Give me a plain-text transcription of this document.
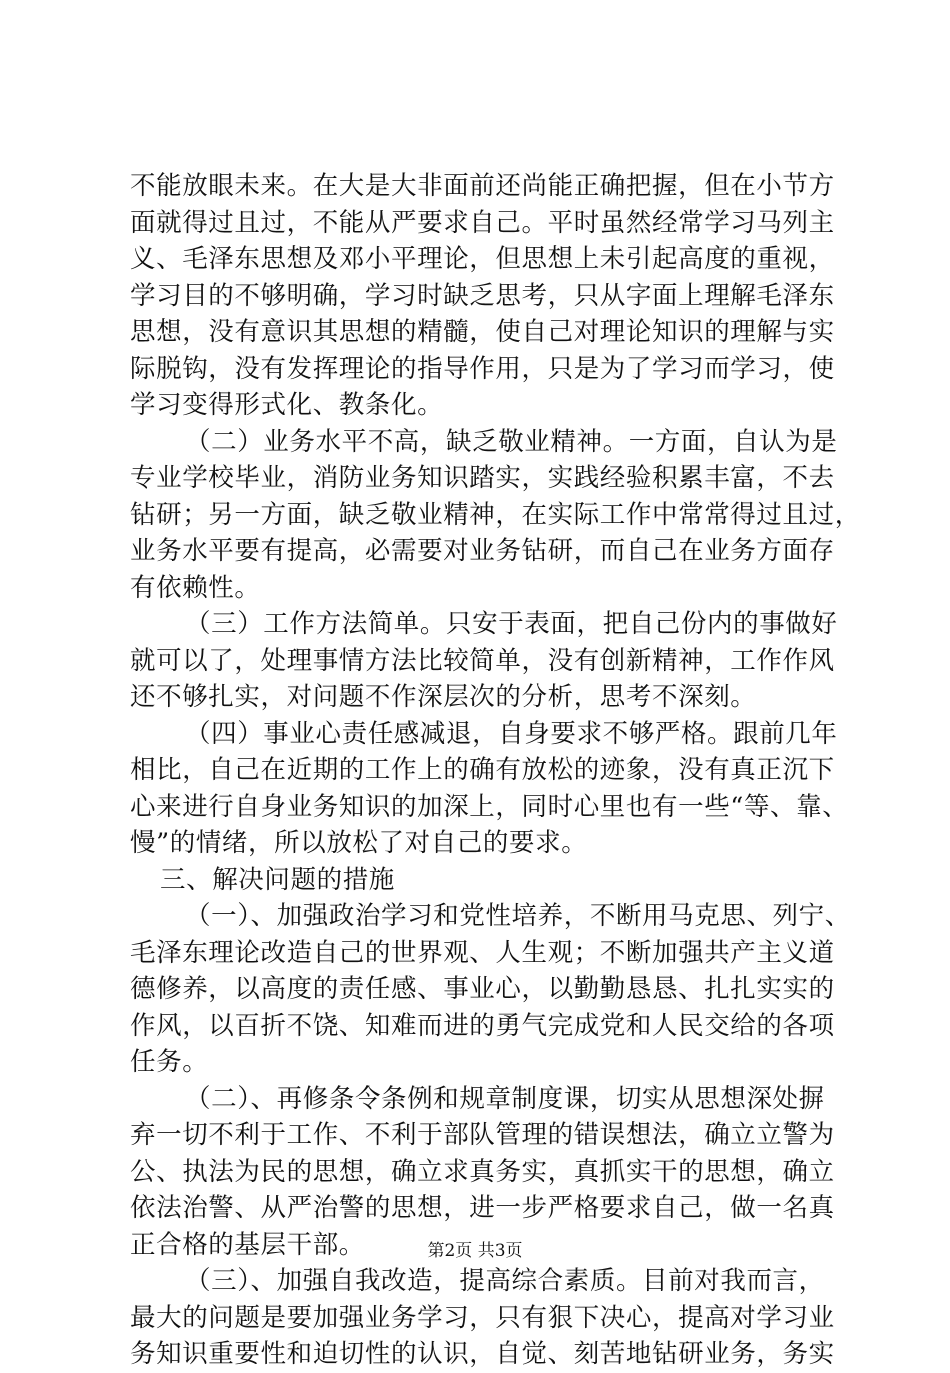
不能放眼未来。在大是大非面前还尚能正确把握，但在小节方
面就得过且过，不能从严要求自己。平时虽然经常学习马列主
义、毛泽东思想及邓小平理论，但思想上未引起高度的重视，
学习目的不够明确，学习时缺乏思考，只从字面上理解毛泽东
思想，没有意识其思想的精髓，使自己对理论知识的理解与实
际脱钩，没有发挥理论的指导作用，只是为了学习而学习，使
学习变得形式化、教条化。
（二）业务水平不高，缺乏敬业精神。一方面，自认为是
专业学校毕业，消防业务知识踏实，实践经验积累丰富，不去
钻研；另一方面，缺乏敬业精神，在实际工作中常常得过且过，
业务水平要有提高，必需要对业务钻研，而自己在业务方面存
有依赖性。
（三）工作方法简单。只安于表面，把自己份内的事做好
就可以了，处理事情方法比较简单，没有创新精神，工作作风
还不够扎实，对问题不作深层次的分析，思考不深刻。
（四）事业心责任感减退，自身要求不够严格。跟前几年
相比，自己在近期的工作上的确有放松的迹象，没有真正沉下
心来进行自身业务知识的加深上，同时心里也有一些“等、靠、
慢”的情绪，所以放松了对自己的要求。
三、解决问题的措施
（一）、加强政治学习和党性培养，不断用马克思、列宁、
毛泽东理论改造自己的世界观、人生观；不断加强共产主义道
德修养，以高度的责任感、事业心，以勤勤恳恳、扎扎实实的
作风，以百折不饶、知难而进的勇气完成党和人民交给的各项
任务。
（二）、再修条令条例和规章制度课，切实从思想深处摒
弃一切不利于工作、不利于部队管理的错误想法，确立立警为
公、执法为民的思想，确立求真务实，真抓实干的思想，确立
依法治警、从严治警的思想，进一步严格要求自己，做一名真
正合格的基层干部。
（三）、加强自我改造，提高综合素质。目前对我而言，
最大的问题是要加强业务学习，只有狠下决心，提高对学习业
务知识重要性和迫切性的认识，自觉、刻苦地钻研业务，务实
第2页 共3页
